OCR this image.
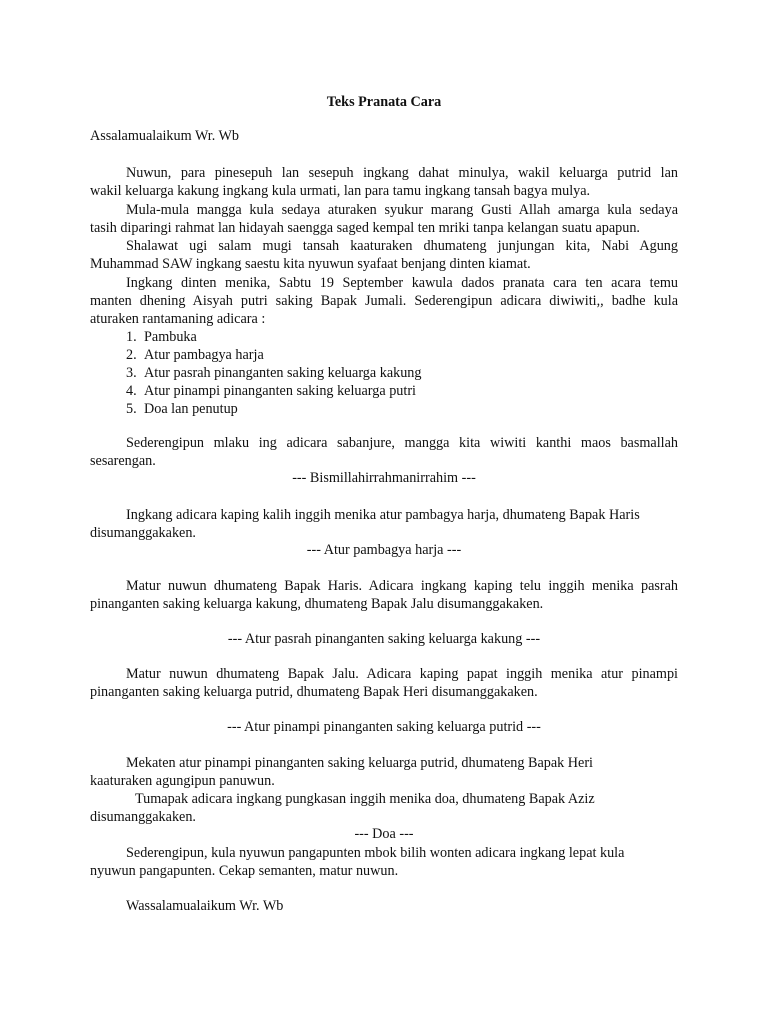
Teks Pranata Cara
Assalamualaikum Wr. Wb
Nuwun, para pinesepuh lan sesepuh ingkang dahat minulya, wakil keluarga putrid lan
wakil keluarga kakung ingkang kula urmati, lan para tamu ingkang tansah bagya mulya.
Mula-mula mangga kula sedaya aturaken syukur marang Gusti Allah amarga kula sedaya
tasih diparingi rahmat lan hidayah saengga saged kempal ten mriki tanpa kelangan suatu apapun.
Shalawat ugi salam mugi tansah kaaturaken dhumateng junjungan kita, Nabi Agung
Muhammad SAW ingkang saestu kita nyuwun syafaat benjang dinten kiamat.
Ingkang dinten menika, Sabtu 19 September kawula dados pranata cara ten acara temu
manten dhening Aisyah putri saking Bapak Jumali. Sederengipun adicara diwiwiti,, badhe kula
aturaken rantamaning adicara :
1. Pambuka
2. Atur pambagya harja
3. Atur pasrah pinanganten saking keluarga kakung
4. Atur pinampi pinanganten saking keluarga putri
5. Doa lan penutup
Sederengipun mlaku ing adicara sabanjure, mangga kita wiwiti kanthi maos basmallah
sesarengan.
--- Bismillahirrahmanirrahim ---
Ingkang adicara kaping kalih inggih menika atur pambagya harja, dhumateng Bapak Haris
disumanggakaken.
--- Atur pambagya harja ---
Matur nuwun dhumateng Bapak Haris. Adicara ingkang kaping telu inggih menika pasrah
pinanganten saking keluarga kakung, dhumateng Bapak Jalu disumanggakaken.
--- Atur pasrah pinanganten saking keluarga kakung ---
Matur nuwun dhumateng Bapak Jalu. Adicara kaping papat inggih menika atur pinampi
pinanganten saking keluarga putrid, dhumateng Bapak Heri disumanggakaken.
--- Atur pinampi pinanganten saking keluarga putrid ---
Mekaten atur pinampi pinanganten saking keluarga putrid, dhumateng Bapak Heri
kaaturaken agungipun panuwun.
Tumapak adicara ingkang pungkasan inggih menika doa, dhumateng Bapak Aziz
disumanggakaken.
--- Doa ---
Sederengipun, kula nyuwun pangapunten mbok bilih wonten adicara ingkang lepat kula
nyuwun pangapunten. Cekap semanten, matur nuwun.
Wassalamualaikum Wr. Wb
